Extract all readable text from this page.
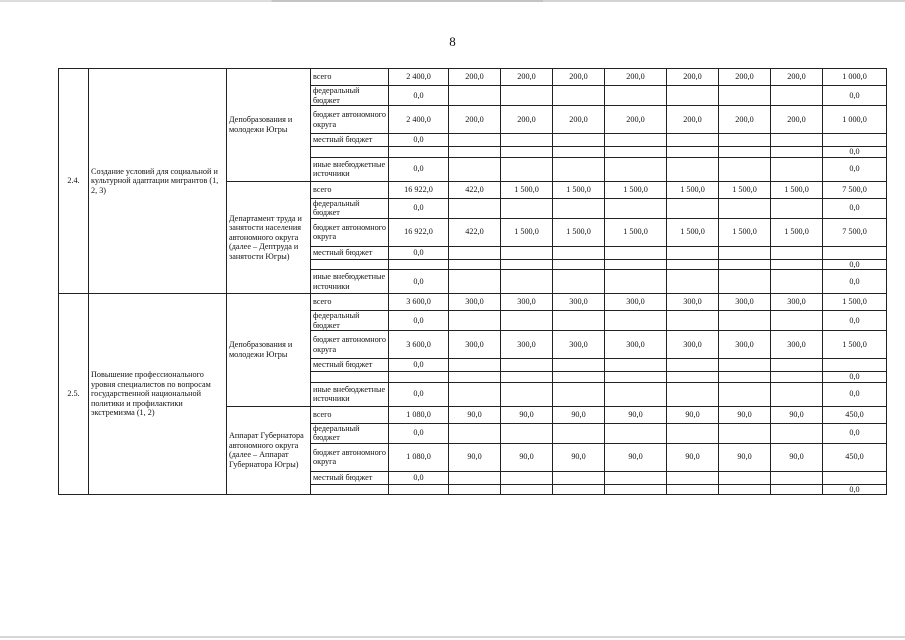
8
2.4.	Создание условий для социальной и культурной адаптации мигрантов (1, 2, 3)	Депобразования и молодежи Югры	всего	2 400,0	200,0	200,0	200,0	200,0	200,0	200,0	200,0	1 000,0
			федеральный бюджет	0,0								0,0
			бюджет автономного округа	2 400,0	200,0	200,0	200,0	200,0	200,0	200,0	200,0	1 000,0
			местный бюджет	0,0								
												0,0
			иные внебюджетные источники	0,0								0,0
		Департамент труда и занятости населения автономного округа (далее – Дептруда и занятости Югры)	всего	16 922,0	422,0	1 500,0	1 500,0	1 500,0	1 500,0	1 500,0	1 500,0	7 500,0
			федеральный бюджет	0,0								0,0
			бюджет автономного округа	16 922,0	422,0	1 500,0	1 500,0	1 500,0	1 500,0	1 500,0	1 500,0	7 500,0
			местный бюджет	0,0								
												0,0
			иные внебюджетные источники	0,0								0,0
2.5.	Повышение профессионального уровня специалистов по вопросам государственной национальной политики и профилактики экстремизма (1, 2)	Депобразования и молодежи Югры	всего	3 600,0	300,0	300,0	300,0	300,0	300,0	300,0	300,0	1 500,0
			федеральный бюджет	0,0								0,0
			бюджет автономного округа	3 600,0	300,0	300,0	300,0	300,0	300,0	300,0	300,0	1 500,0
			местный бюджет	0,0								
												0,0
			иные внебюджетные источники	0,0								0,0
		Аппарат Губернатора автономного округа (далее – Аппарат Губернатора Югры)	всего	1 080,0	90,0	90,0	90,0	90,0	90,0	90,0	90,0	450,0
			федеральный бюджет	0,0								0,0
			бюджет автономного округа	1 080,0	90,0	90,0	90,0	90,0	90,0	90,0	90,0	450,0
			местный бюджет	0,0								
												0,0
